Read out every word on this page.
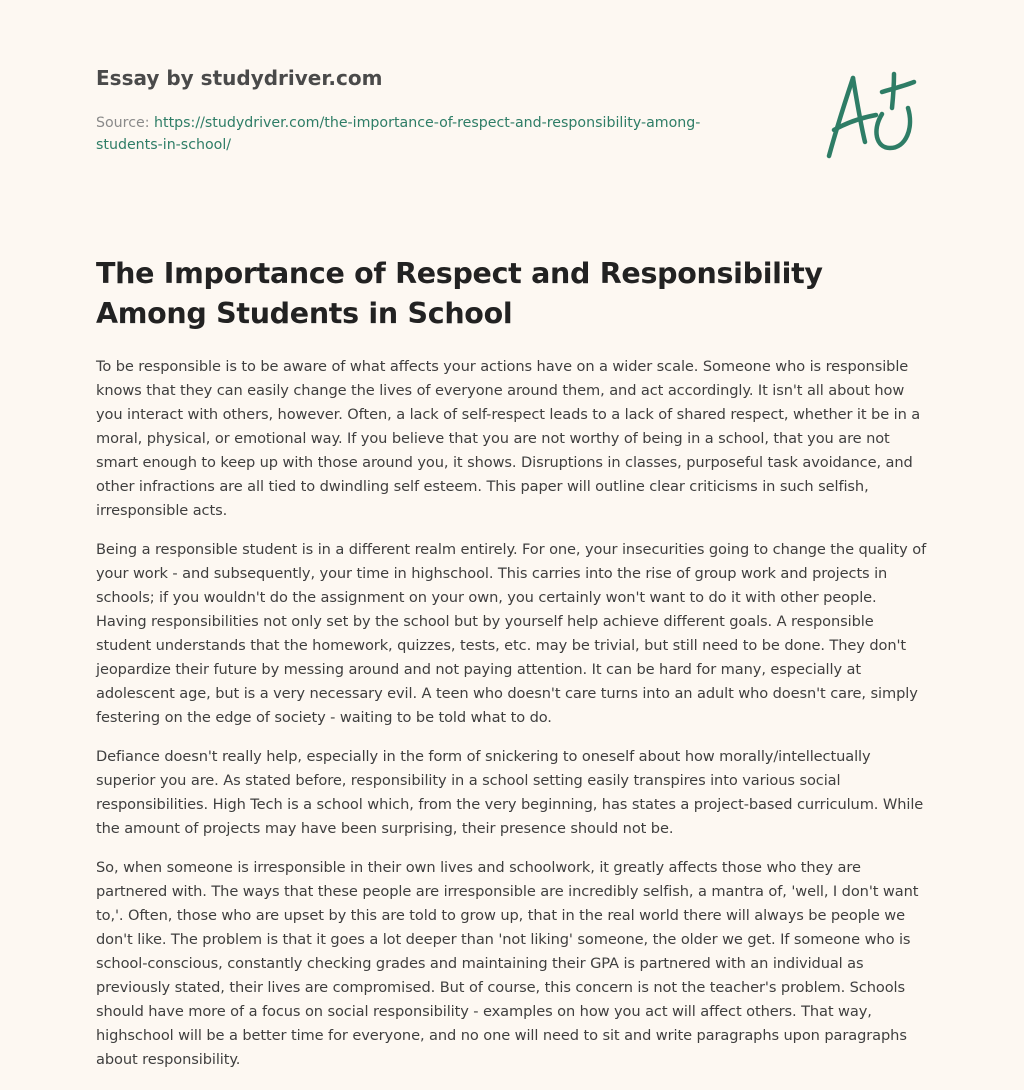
Essay by studydriver.com
Source: https://studydriver.com/the-importance-of-respect-and-responsibility-among-students-in-school/
A+
The Importance of Respect and Responsibility Among Students in School

To be responsible is to be aware of what affects your actions have on a wider scale. Someone who is responsible knows that they can easily change the lives of everyone around them, and act accordingly. It isn't all about how you interact with others, however. Often, a lack of self-respect leads to a lack of shared respect, whether it be in a moral, physical, or emotional way. If you believe that you are not worthy of being in a school, that you are not smart enough to keep up with those around you, it shows. Disruptions in classes, purposeful task avoidance, and other infractions are all tied to dwindling self esteem. This paper will outline clear criticisms in such selfish, irresponsible acts.

Being a responsible student is in a different realm entirely. For one, your insecurities going to change the quality of your work - and subsequently, your time in highschool. This carries into the rise of group work and projects in schools; if you wouldn't do the assignment on your own, you certainly won't want to do it with other people. Having responsibilities not only set by the school but by yourself help achieve different goals. A responsible student understands that the homework, quizzes, tests, etc. may be trivial, but still need to be done. They don't jeopardize their future by messing around and not paying attention. It can be hard for many, especially at adolescent age, but is a very necessary evil. A teen who doesn't care turns into an adult who doesn't care, simply festering on the edge of society - waiting to be told what to do.

Defiance doesn't really help, especially in the form of snickering to oneself about how morally/intellectually superior you are. As stated before, responsibility in a school setting easily transpires into various social responsibilities. High Tech is a school which, from the very beginning, has states a project-based curriculum. While the amount of projects may have been surprising, their presence should not be.

So, when someone is irresponsible in their own lives and schoolwork, it greatly affects those who they are partnered with. The ways that these people are irresponsible are incredibly selfish, a mantra of, 'well, I don't want to,'. Often, those who are upset by this are told to grow up, that in the real world there will always be people we don't like. The problem is that it goes a lot deeper than 'not liking' someone, the older we get. If someone who is school-conscious, constantly checking grades and maintaining their GPA is partnered with an individual as previously stated, their lives are compromised. But of course, this concern is not the teacher's problem. Schools should have more of a focus on social responsibility - examples on how you act will affect others. That way, highschool will be a better time for everyone, and no one will need to sit and write paragraphs upon paragraphs about responsibility.
